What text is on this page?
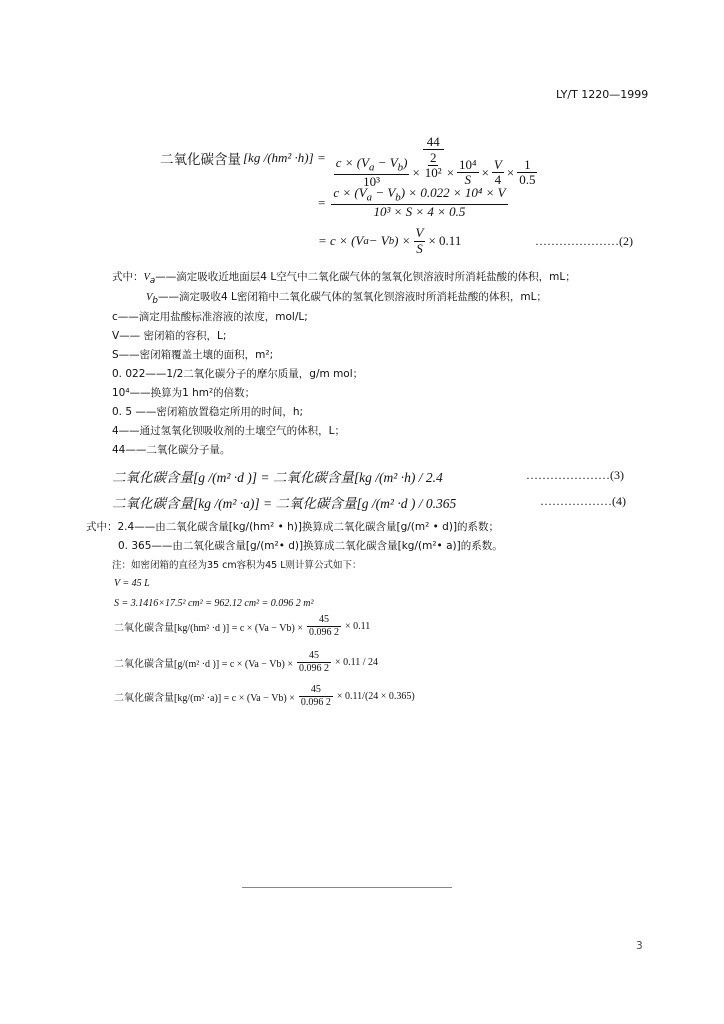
LY/T 1220—1999
二氧化碳含量 [kg $/(hm^2 \cdot h)] = \frac{c \times (V_a - V_b)}{\text{10³}}$ ×
44
2
$10^2 \times \frac{\text{10⁴}}{S} \times \frac{V}{4} \times \frac{1}{0.5}$
= $\frac{c \times (V_a - V_b) \times 0.022 \times 10^4 \times V}{\text{10³ × S × 4 × 0.5}}$
= c × (V a − V b ) × $\frac{V}{S} \times 0.11$	…………………(2)
式中：$V_a——$滴定吸收近地面层4 L空气中二氧化碳气体的氢氧化钡溶液时所消耗盐酸的体积，mL；
$V_b——$滴定吸收4 L密闭箱中二氧化碳气体的氢氧化钡溶液时所消耗盐酸的体积，mL；
c——滴定用盐酸标准溶液的浓度，mol/L;
V—— 密闭箱的容积，L;
S——密闭箱覆盖土壤的面积，m²;
0. 022——1/2二氧化碳分子的摩尔质量，g/m mol；
10⁴——换算为1 hm²的倍数；
0. 5 ——密闭箱放置稳定所用的时间，h;
4——通过氢氧化钡吸收剂的土壤空气的体积，L；
44——二氧化碳分子量。
二氧化碳含量[g /(m² ·d )] = 二氧化碳含量[kg /(m² ·h) / 2.4	…………………(3)
二氧化碳含量[kg /(m² ·a)] = 二氧化碳含量[g /(m² ·d ) / 0.365	………………(4)
式中：2.4——由二氧化碳含量[kg/(hm² • h)]换算成二氧化碳含量[g/(m² • d)]的系数；
0. 365——由二氧化碳含量[g/(m²• d)]换算成二氧化碳含量[kg/(m²• a)]的系数。
注：如密闭箱的直径为35 cm容积为45 L则计算公式如下：
V = 45 L
S = 3.1416×17.5² cm² = 962.12 cm² = 0.096 2 m²
二氧化碳含量[kg/(hm² ·d )] = $c \times (Va - Vb) \times \frac{45}{0.096 2} \times 0.11$
二氧化碳含量[g/(m² ·d )] = $c \times (Va - Vb) \times \frac{45}{0.096 2} \times 0.11 / 24$
二氧化碳含量$[kg/(m^2 \cdot a)] = c \times (Va - Vb) \times \frac{45}{0.096 2} \times 0.11/(24 \times 0.365)$
3
